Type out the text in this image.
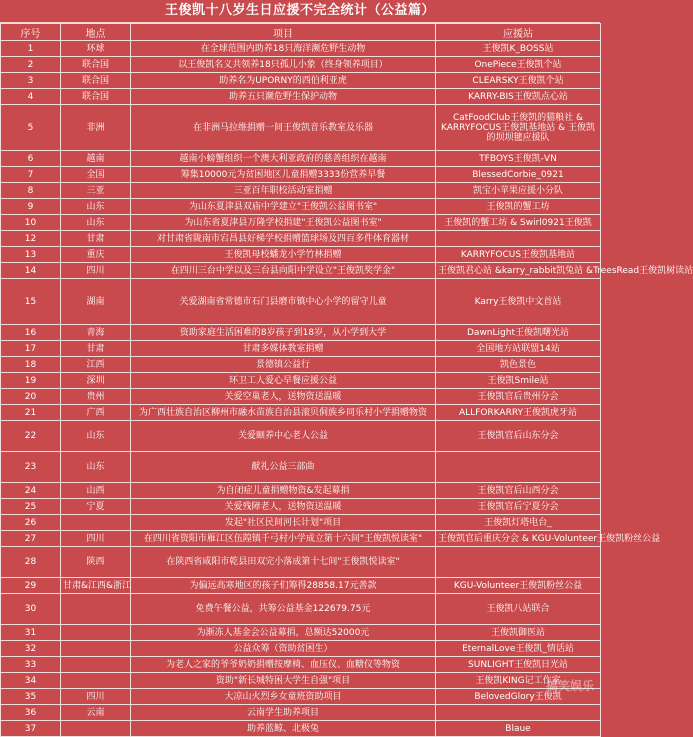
王俊凯十八岁生日应援不完全统计（公益篇）
序号	地点	项目	应援站
1	环球	在全球范围内助养18只海洋濒危野生动物	王俊凯K_BOSS站
2	联合国	以王俊凯名义共领养18只孤儿小象（终身领养项目）	OnePiece王俊凯个站
3	联合国	助养名为UPORNY的西伯利亚虎	CLEARSKY王俊凯个站
4	联合国	助养五只濒危野生保护动物	KARRY-BIS王俊凯点心站
5	非洲	在非洲马拉维捐赠一间王俊凯音乐教室及乐器	CatFoodClub王俊凯的猫粮社 & KARRYFOCUS王俊凯基地站 & 王俊凯的坝坝毽应援队
6	越南	越南小螃蟹组织一个澳大利亚政府的慈善组织在越南	TFBOYS王俊凯-VN
7	全国	筹集10000元为贫困地区儿童捐赠3333份营养早餐	BlessedCorbie_0921
8	三亚	三亚百年职校活动室捐赠	凯宝小苹果应援小分队
9	山东	为山东夏津县双庙中学建立"王俊凯公益图书室"	王俊凯的蟹工坊
10	山东	为山东省夏津县万隆学校捐建"王俊凯公益图书室"	王俊凯的蟹工坊 & Swirl0921王俊凯
12	甘肃	对甘肃省陇南市宕昌县好梯学校捐赠篮球场及四百多件体育器材	
13	重庆	王俊凯母校蟠龙小学竹林捐赠	KARRYFOCUS王俊凯基地站
14	四川	在四川三台中学以及三台县向阳中学设立"王俊凯奖学金"	王俊凯君心站 &karry_rabbit凯兔站 &TreesRead王俊凯树读站
15	湖南	关爱湖南省常德市石门县磨市镇中心小学的留守儿童	Karry王俊凯中文首站
16	青海	资助家庭生活困难的8岁孩子到18岁，从小学到大学	DawnLight王俊凯曙光站
17	甘肃	甘肃多媒体教室捐赠	全国地方站联盟14站
18	江西	景德镇公益行	凯色景色
19	深圳	环卫工人爱心早餐应援公益	王俊凯Smile站
20	贵州	关爱空巢老人，送物资送温暖	王俊凯官后贵州分会
21	广西	为广西壮族自治区柳州市融水苗族自治县滚贝侗族乡同乐村小学捐赠物资	ALLFORKARRY王俊凯虎牙站
22	山东	关爱颐养中心老人公益	王俊凯官后山东分会
23	山东	献礼公益三部曲	
24	山西	为自闭症儿童捐赠物资&发起募捐	王俊凯官后山西分会
25	宁夏	关爱残障老人，送物资送温暖	王俊凯官后宁夏分会
26		发起"社区民间河长计划"项目	王俊凯灯塔电台_
27	四川	在四川省资阳市雁江区伍隍镇千弓村小学成立第十六间"王俊凯悦读室"	王俊凯官后重庆分会 & KGU-Volunteer王俊凯粉丝公益
28	陕西	在陕西省咸阳市乾县田双完小落成第十七间"王俊凯悦读室"	
29	甘肃&江西&浙江	为偏远高寒地区的孩子们筹得28858.17元善款	KGU-Volunteer王俊凯粉丝公益
30		免费午餐公益，共筹公益基金122679.75元	王俊凯八站联合
31		为渐冻人基金会公益募捐，总额达52000元	王俊凯御医站
32		公益众筹（资助贫困生）	EternalLove王俊凯_情话站
33		为老人之家的爷爷奶奶捐赠按摩椅、血压仪、血糖仪等物资	SUNLIGHT王俊凯日光站
34		资助"新长城特困大学生自强"项目	王俊凯KING记工作室
35	四川	大凉山火烈乡女童班资助项目	BelovedGlory王俊凯
36	云南	云南学生助养项目	
37		助养蓝鲸、北极兔	Blaue
搞笑娱乐
